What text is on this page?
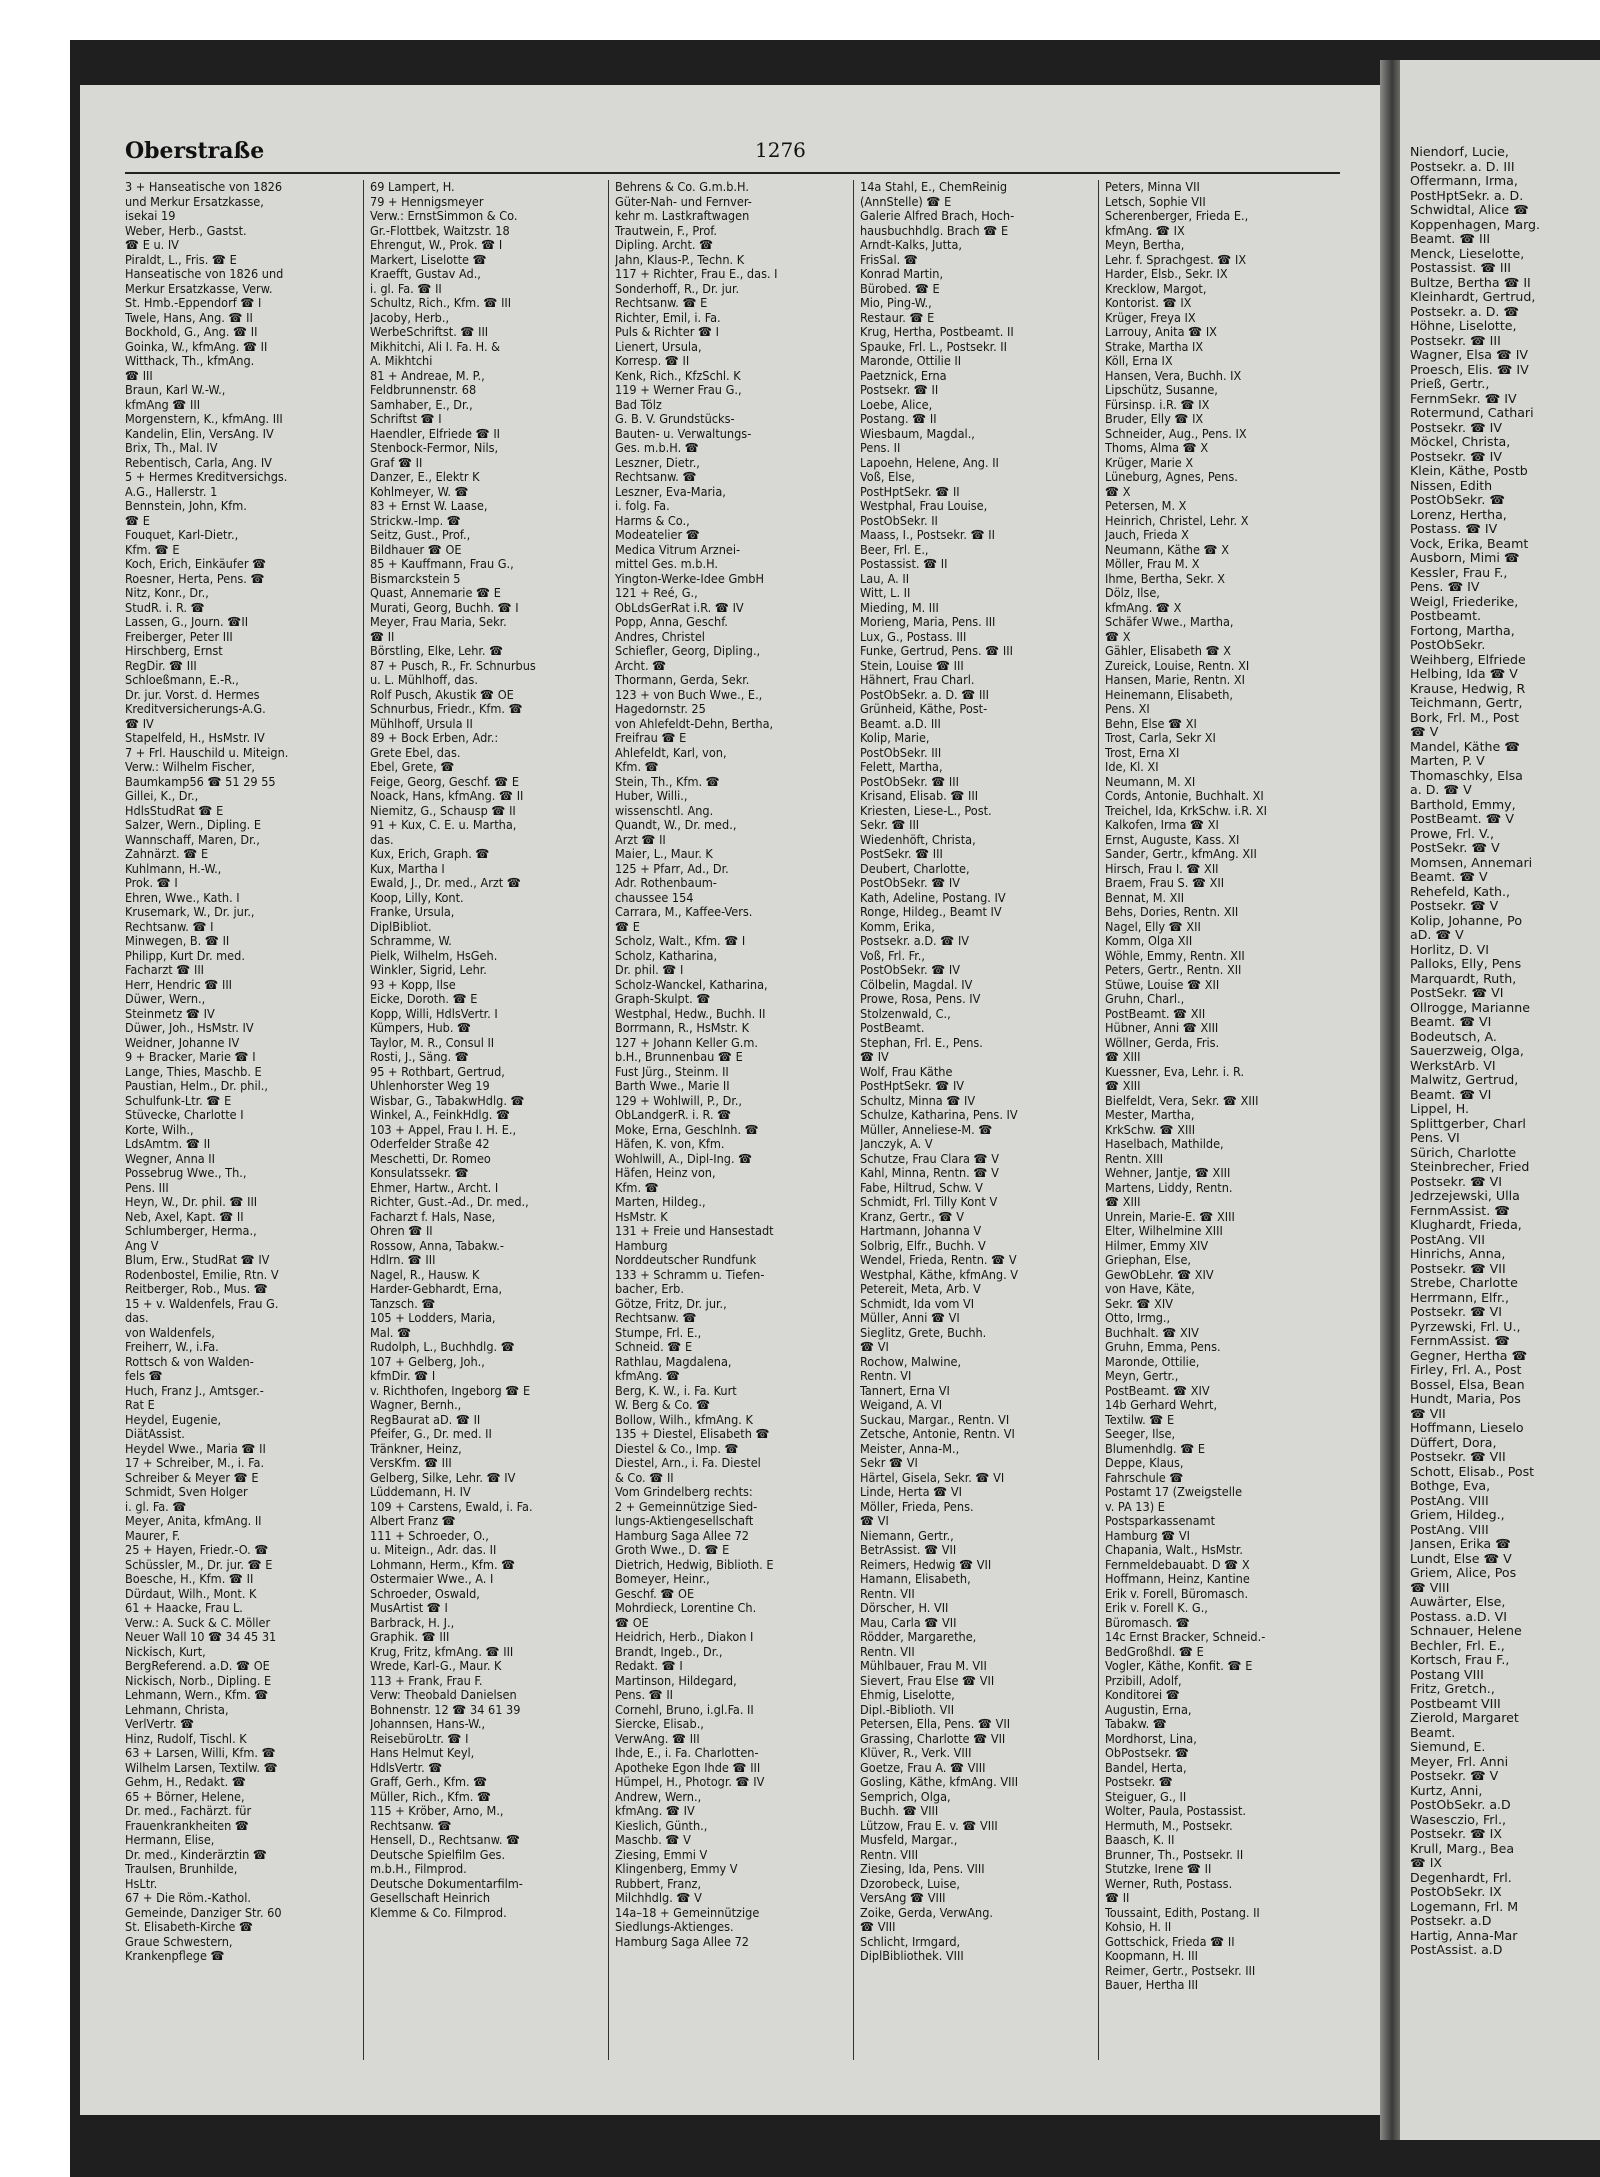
Niendorf, Lucie,
Postsekr. a. D. III
Offermann, Irma,
PostHptSekr. a. D.
Schwidtal, Alice ☎
Koppenhagen, Marg.
Beamt. ☎ III
Menck, Lieselotte,
Postassist. ☎ III
Bultze, Bertha ☎ II
Kleinhardt, Gertrud,
Postsekr. a. D. ☎
Höhne, Liselotte,
Postsekr. ☎ III
Wagner, Elsa ☎ IV
Proesch, Elis. ☎ IV
Prieß, Gertr.,
FernmSekr. ☎ IV
Rotermund, Cathari
Postsekr. ☎ IV
Möckel, Christa,
Postsekr. ☎ IV
Klein, Käthe, Postb
Nissen, Edith
PostObSekr. ☎
Lorenz, Hertha,
Postass. ☎ IV
Vock, Erika, Beamt
Ausborn, Mimi ☎
Kessler, Frau F.,
Pens. ☎ IV
Weigl, Friederike,
Postbeamt.
Fortong, Martha,
PostObSekr.
Weihberg, Elfriede
Helbing, Ida ☎ V
Krause, Hedwig, R
Teichmann, Gertr,
Bork, Frl. M., Post
☎ V
Mandel, Käthe ☎
Marten, P. V
Thomaschky, Elsa
a. D. ☎ V
Barthold, Emmy,
PostBeamt. ☎ V
Prowe, Frl. V.,
PostSekr. ☎ V
Momsen, Annemari
Beamt. ☎ V
Rehefeld, Kath.,
Postsekr. ☎ V
Kolip, Johanne, Po
aD. ☎ V
Horlitz, D. VI
Palloks, Elly, Pens
Marquardt, Ruth,
PostSekr. ☎ VI
Ollrogge, Marianne
Beamt. ☎ VI
Bodeutsch, A.
Sauerzweig, Olga,
WerkstArb. VI
Malwitz, Gertrud,
Beamt. ☎ VI
Lippel, H.
Splittgerber, Charl
Pens. VI
Sürich, Charlotte
Steinbrecher, Fried
Postsekr. ☎ VI
Jedrzejewski, Ulla
FernmAssist. ☎
Klughardt, Frieda,
PostAng. VII
Hinrichs, Anna,
Postsekr. ☎ VII
Strebe, Charlotte
Herrmann, Elfr.,
Postsekr. ☎ VI
Pyrzewski, Frl. U.,
FernmAssist. ☎
Gegner, Hertha ☎
Firley, Frl. A., Post
Bossel, Elsa, Bean
Hundt, Maria, Pos
☎ VII
Hoffmann, Lieselo
Düffert, Dora,
Postsekr. ☎ VII
Schott, Elisab., Post
Bothge, Eva,
PostAng. VIII
Griem, Hildeg.,
PostAng. VIII
Jansen, Erika ☎
Lundt, Else ☎ V
Griem, Alice, Pos
☎ VIII
Auwärter, Else,
Postass. a.D. VI
Schnauer, Helene
Bechler, Frl. E.,
Kortsch, Frau F.,
Postang VIII
Fritz, Gretch.,
Postbeamt VIII
Zierold, Margaret
Beamt.
Siemund, E.
Meyer, Frl. Anni
Postsekr. ☎ V
Kurtz, Anni,
PostObSekr. a.D
Wasesczio, Frl.,
Postsekr. ☎ IX
Krull, Marg., Bea
☎ IX
Degenhardt, Frl.
PostObSekr. IX
Logemann, Frl. M
Postsekr. a.D
Hartig, Anna-Mar
PostAssist. a.D
Oberstraße	1276
3 + Hanseatische von 1826
und Merkur Ersatzkasse,
isekai 19
Weber, Herb., Gastst.
☎ E u. IV
Piraldt, L., Fris. ☎ E
Hanseatische von 1826 und
Merkur Ersatzkasse, Verw.
St. Hmb.-Eppendorf ☎ I
Twele, Hans, Ang. ☎ II
Bockhold, G., Ang. ☎ II
Goinka, W., kfmAng. ☎ II
Witthack, Th., kfmAng.
☎ III
Braun, Karl W.-W.,
kfmAng ☎ III
Morgenstern, K., kfmAng. III
Kandelin, Elin, VersAng. IV
Brix, Th., Mal. IV
Rebentisch, Carla, Ang. IV
5 + Hermes Kreditversichgs.
A.G., Hallerstr. 1
Bennstein, John, Kfm.
☎ E
Fouquet, Karl-Dietr.,
Kfm. ☎ E
Koch, Erich, Einkäufer ☎
Roesner, Herta, Pens. ☎
Nitz, Konr., Dr.,
StudR. i. R. ☎
Lassen, G., Journ. ☎II
Freiberger, Peter III
Hirschberg, Ernst
RegDir. ☎ III
Schloeßmann, E.-R.,
Dr. jur. Vorst. d. Hermes
Kreditversicherungs-A.G.
☎ IV
Stapelfeld, H., HsMstr. IV
7 + Frl. Hauschild u. Miteign.
Verw.: Wilhelm Fischer,
Baumkamp56 ☎ 51 29 55
Gillei, K., Dr.,
HdlsStudRat ☎ E
Salzer, Wern., Dipling. E
Wannschaff, Maren, Dr.,
Zahnärzt. ☎ E
Kuhlmann, H.-W.,
Prok. ☎ I
Ehren, Wwe., Kath. I
Krusemark, W., Dr. jur.,
Rechtsanw. ☎ I
Minwegen, B. ☎ II
Philipp, Kurt Dr. med.
Facharzt ☎ III
Herr, Hendric ☎ III
Düwer, Wern.,
Steinmetz ☎ IV
Düwer, Joh., HsMstr. IV
Weidner, Johanne IV
9 + Bracker, Marie ☎ I
Lange, Thies, Maschb. E
Paustian, Helm., Dr. phil.,
Schulfunk-Ltr. ☎ E
Stüvecke, Charlotte I
Korte, Wilh.,
LdsAmtm. ☎ II
Wegner, Anna II
Possebrug Wwe., Th.,
Pens. III
Heyn, W., Dr. phil. ☎ III
Neb, Axel, Kapt. ☎ II
Schlumberger, Herma.,
Ang V
Blum, Erw., StudRat ☎ IV
Rodenbostel, Emilie, Rtn. V
Reitberger, Rob., Mus. ☎
15 + v. Waldenfels, Frau G.
das.
von Waldenfels,
Freiherr, W., i.Fa.
Rottsch & von Walden-
fels ☎
Huch, Franz J., Amtsger.-
Rat E
Heydel, Eugenie,
DiätAssist.
Heydel Wwe., Maria ☎ II
17 + Schreiber, M., i. Fa.
Schreiber & Meyer ☎ E
Schmidt, Sven Holger
i. gl. Fa. ☎
Meyer, Anita, kfmAng. II
Maurer, F.
25 + Hayen, Friedr.-O. ☎
Schüssler, M., Dr. jur. ☎ E
Boesche, H., Kfm. ☎ II
Dürdaut, Wilh., Mont. K
61 + Haacke, Frau L.
Verw.: A. Suck & C. Möller
Neuer Wall 10 ☎ 34 45 31
Nickisch, Kurt,
BergReferend. a.D. ☎ OE
Nickisch, Norb., Dipling. E
Lehmann, Wern., Kfm. ☎
Lehmann, Christa,
VerlVertr. ☎
Hinz, Rudolf, Tischl. K
63 + Larsen, Willi, Kfm. ☎
Wilhelm Larsen, Textilw. ☎
Gehm, H., Redakt. ☎
65 + Börner, Helene,
Dr. med., Fachärzt. für
Frauenkrankheiten ☎
Hermann, Elise,
Dr. med., Kinderärztin ☎
Traulsen, Brunhilde,
HsLtr.
67 + Die Röm.-Kathol.
Gemeinde, Danziger Str. 60
St. Elisabeth-Kirche ☎
Graue Schwestern,
Krankenpflege ☎
69 Lampert, H.
79 + Hennigsmeyer
Verw.: ErnstSimmon & Co.
Gr.-Flottbek, Waitzstr. 18
Ehrengut, W., Prok. ☎ I
Markert, Liselotte ☎
Kraefft, Gustav Ad.,
i. gl. Fa. ☎ II
Schultz, Rich., Kfm. ☎ III
Jacoby, Herb.,
WerbeSchriftst. ☎ III
Mikhitchi, Ali I. Fa. H. &
A. Mikhtchi
81 + Andreae, M. P.,
Feldbrunnenstr. 68
Samhaber, E., Dr.,
Schriftst ☎ I
Haendler, Elfriede ☎ II
Stenbock-Fermor, Nils,
Graf ☎ II
Danzer, E., Elektr K
Kohlmeyer, W. ☎
83 + Ernst W. Laase,
Strickw.-Imp. ☎
Seitz, Gust., Prof.,
Bildhauer ☎ OE
85 + Kauffmann, Frau G.,
Bismarckstein 5
Quast, Annemarie ☎ E
Murati, Georg, Buchh. ☎ I
Meyer, Frau Maria, Sekr.
☎ II
Börstling, Elke, Lehr. ☎
87 + Pusch, R., Fr. Schnurbus
u. L. Mühlhoff, das.
Rolf Pusch, Akustik ☎ OE
Schnurbus, Friedr., Kfm. ☎
Mühlhoff, Ursula II
89 + Bock Erben, Adr.:
Grete Ebel, das.
Ebel, Grete, ☎
Feige, Georg, Geschf. ☎ E
Noack, Hans, kfmAng. ☎ II
Niemitz, G., Schausp ☎ II
91 + Kux, C. E. u. Martha,
das.
Kux, Erich, Graph. ☎
Kux, Martha I
Ewald, J., Dr. med., Arzt ☎
Koop, Lilly, Kont.
Franke, Ursula,
DiplBibliot.
Schramme, W.
Pielk, Wilhelm, HsGeh.
Winkler, Sigrid, Lehr.
93 + Kopp, Ilse
Eicke, Doroth. ☎ E
Kopp, Willi, HdlsVertr. I
Kümpers, Hub. ☎
Taylor, M. R., Consul II
Rosti, J., Säng. ☎
95 + Rothbart, Gertrud,
Uhlenhorster Weg 19
Wisbar, G., TabakwHdlg. ☎
Winkel, A., FeinkHdlg. ☎
103 + Appel, Frau I. H. E.,
Oderfelder Straße 42
Meschetti, Dr. Romeo
Konsulatssekr. ☎
Ehmer, Hartw., Archt. I
Richter, Gust.-Ad., Dr. med.,
Facharzt f. Hals, Nase,
Ohren ☎ II
Rossow, Anna, Tabakw.-
Hdlrn. ☎ III
Nagel, R., Hausw. K
Harder-Gebhardt, Erna,
Tanzsch. ☎
105 + Lodders, Maria,
Mal. ☎
Rudolph, L., Buchhdlg. ☎
107 + Gelberg, Joh.,
kfmDir. ☎ I
v. Richthofen, Ingeborg ☎ E
Wagner, Bernh.,
RegBaurat aD. ☎ II
Pfeifer, G., Dr. med. II
Tränkner, Heinz,
VersKfm. ☎ III
Gelberg, Silke, Lehr. ☎ IV
Lüddemann, H. IV
109 + Carstens, Ewald, i. Fa.
Albert Franz ☎
111 + Schroeder, O.,
u. Miteign., Adr. das. II
Lohmann, Herm., Kfm. ☎
Ostermaier Wwe., A. I
Schroeder, Oswald,
MusArtist ☎ I
Barbrack, H. J.,
Graphik. ☎ III
Krug, Fritz, kfmAng. ☎ III
Wrede, Karl-G., Maur. K
113 + Frank, Frau F.
Verw: Theobald Danielsen
Bohnenstr. 12 ☎ 34 61 39
Johannsen, Hans-W.,
ReisebüroLtr. ☎ I
Hans Helmut Keyl,
HdlsVertr. ☎
Graff, Gerh., Kfm. ☎
Müller, Rich., Kfm. ☎
115 + Kröber, Arno, M.,
Rechtsanw. ☎
Hensell, D., Rechtsanw. ☎
Deutsche Spielfilm Ges.
m.b.H., Filmprod.
Deutsche Dokumentarfilm-
Gesellschaft Heinrich
Klemme & Co. Filmprod.
Behrens & Co. G.m.b.H.
Güter-Nah- und Fernver-
kehr m. Lastkraftwagen
Trautwein, F., Prof.
Dipling. Archt. ☎
Jahn, Klaus-P., Techn. K
117 + Richter, Frau E., das. I
Sonderhoff, R., Dr. jur.
Rechtsanw. ☎ E
Richter, Emil, i. Fa.
Puls & Richter ☎ I
Lienert, Ursula,
Korresp. ☎ II
Kenk, Rich., KfzSchl. K
119 + Werner Frau G.,
Bad Tölz
G. B. V. Grundstücks-
Bauten- u. Verwaltungs-
Ges. m.b.H. ☎
Leszner, Dietr.,
Rechtsanw. ☎
Leszner, Eva-Maria,
i. folg. Fa.
Harms & Co.,
Modeatelier ☎
Medica Vitrum Arznei-
mittel Ges. m.b.H.
Yington-Werke-Idee GmbH
121 + Reé, G.,
ObLdsGerRat i.R. ☎ IV
Popp, Anna, Geschf.
Andres, Christel
Schiefler, Georg, Dipling.,
Archt. ☎
Thormann, Gerda, Sekr.
123 + von Buch Wwe., E.,
Hagedornstr. 25
von Ahlefeldt-Dehn, Bertha,
Freifrau ☎ E
Ahlefeldt, Karl, von,
Kfm. ☎
Stein, Th., Kfm. ☎
Huber, Willi.,
wissenschtl. Ang.
Quandt, W., Dr. med.,
Arzt ☎ II
Maier, L., Maur. K
125 + Pfarr, Ad., Dr.
Adr. Rothenbaum-
chaussee 154
Carrara, M., Kaffee-Vers.
☎ E
Scholz, Walt., Kfm. ☎ I
Scholz, Katharina,
Dr. phil. ☎ I
Scholz-Wanckel, Katharina,
Graph-Skulpt. ☎
Westphal, Hedw., Buchh. II
Borrmann, R., HsMstr. K
127 + Johann Keller G.m.
b.H., Brunnenbau ☎ E
Fust Jürg., Steinm. II
Barth Wwe., Marie II
129 + Wohlwill, P., Dr.,
ObLandgerR. i. R. ☎
Moke, Erna, Geschlnh. ☎
Häfen, K. von, Kfm.
Wohlwill, A., Dipl-Ing. ☎
Häfen, Heinz von,
Kfm. ☎
Marten, Hildeg.,
HsMstr. K
131 + Freie und Hansestadt
Hamburg
Norddeutscher Rundfunk
133 + Schramm u. Tiefen-
bacher, Erb.
Götze, Fritz, Dr. jur.,
Rechtsanw. ☎
Stumpe, Frl. E.,
Schneid. ☎ E
Rathlau, Magdalena,
kfmAng. ☎
Berg, K. W., i. Fa. Kurt
W. Berg & Co. ☎
Bollow, Wilh., kfmAng. K
135 + Diestel, Elisabeth ☎
Diestel & Co., Imp. ☎
Diestel, Arn., i. Fa. Diestel
& Co. ☎ II
Vom Grindelberg rechts:
2 + Gemeinnützige Sied-
lungs-Aktiengesellschaft
Hamburg Saga Allee 72
Groth Wwe., D. ☎ E
Dietrich, Hedwig, Biblioth. E
Bomeyer, Heinr.,
Geschf. ☎ OE
Mohrdieck, Lorentine Ch.
☎ OE
Heidrich, Herb., Diakon I
Brandt, Ingeb., Dr.,
Redakt. ☎ I
Martinson, Hildegard,
Pens. ☎ II
Cornehl, Bruno, i.gl.Fa. II
Siercke, Elisab.,
VerwAng. ☎ III
Ihde, E., i. Fa. Charlotten-
Apotheke Egon Ihde ☎ III
Hümpel, H., Photogr. ☎ IV
Andrew, Wern.,
kfmAng. ☎ IV
Kieslich, Günth.,
Maschb. ☎ V
Ziesing, Emmi V
Klingenberg, Emmy V
Rubbert, Franz,
Milchhdlg. ☎ V
14a–18 + Gemeinnützige
Siedlungs-Aktienges.
Hamburg Saga Allee 72
14a Stahl, E., ChemReinig
(AnnStelle) ☎ E
Galerie Alfred Brach, Hoch-
hausbuchhdlg. Brach ☎ E
Arndt-Kalks, Jutta,
FrisSal. ☎
Konrad Martin,
Bürobed. ☎ E
Mio, Ping-W.,
Restaur. ☎ E
Krug, Hertha, Postbeamt. II
Spauke, Frl. L., Postsekr. II
Maronde, Ottilie II
Paetznick, Erna
Postsekr. ☎ II
Loebe, Alice,
Postang. ☎ II
Wiesbaum, Magdal.,
Pens. II
Lapoehn, Helene, Ang. II
Voß, Else,
PostHptSekr. ☎ II
Westphal, Frau Louise,
PostObSekr. II
Maass, I., Postsekr. ☎ II
Beer, Frl. E.,
Postassist. ☎ II
Lau, A. II
Witt, L. II
Mieding, M. III
Morieng, Maria, Pens. III
Lux, G., Postass. III
Funke, Gertrud, Pens. ☎ III
Stein, Louise ☎ III
Hähnert, Frau Charl.
PostObSekr. a. D. ☎ III
Grünheid, Käthe, Post-
Beamt. a.D. III
Kolip, Marie,
PostObSekr. III
Felett, Martha,
PostObSekr. ☎ III
Krisand, Elisab. ☎ III
Kriesten, Liese-L., Post.
Sekr. ☎ III
Wiedenhöft, Christa,
PostSekr. ☎ III
Deubert, Charlotte,
PostObSekr. ☎ IV
Kath, Adeline, Postang. IV
Ronge, Hildeg., Beamt IV
Komm, Erika,
Postsekr. a.D. ☎ IV
Voß, Frl. Fr.,
PostObSekr. ☎ IV
Cölbelin, Magdal. IV
Prowe, Rosa, Pens. IV
Stolzenwald, C.,
PostBeamt.
Stephan, Frl. E., Pens.
☎ IV
Wolf, Frau Käthe
PostHptSekr. ☎ IV
Schultz, Minna ☎ IV
Schulze, Katharina, Pens. IV
Müller, Anneliese-M. ☎
Janczyk, A. V
Schutze, Frau Clara ☎ V
Kahl, Minna, Rentn. ☎ V
Fabe, Hiltrud, Schw. V
Schmidt, Frl. Tilly Kont V
Kranz, Gertr., ☎ V
Hartmann, Johanna V
Solbrig, Elfr., Buchh. V
Wendel, Frieda, Rentn. ☎ V
Westphal, Käthe, kfmAng. V
Petereit, Meta, Arb. V
Schmidt, Ida vom VI
Müller, Anni ☎ VI
Sieglitz, Grete, Buchh.
☎ VI
Rochow, Malwine,
Rentn. VI
Tannert, Erna VI
Weigand, A. VI
Suckau, Margar., Rentn. VI
Zetsche, Antonie, Rentn. VI
Meister, Anna-M.,
Sekr ☎ VI
Härtel, Gisela, Sekr. ☎ VI
Linde, Herta ☎ VI
Möller, Frieda, Pens.
☎ VI
Niemann, Gertr.,
BetrAssist. ☎ VII
Reimers, Hedwig ☎ VII
Hamann, Elisabeth,
Rentn. VII
Dörscher, H. VII
Mau, Carla ☎ VII
Rödder, Margarethe,
Rentn. VII
Mühlbauer, Frau M. VII
Sievert, Frau Else ☎ VII
Ehmig, Liselotte,
Dipl.-Biblioth. VII
Petersen, Ella, Pens. ☎ VII
Grassing, Charlotte ☎ VII
Klüver, R., Verk. VIII
Goetze, Frau A. ☎ VIII
Gosling, Käthe, kfmAng. VIII
Semprich, Olga,
Buchh. ☎ VIII
Lützow, Frau E. v. ☎ VIII
Musfeld, Margar.,
Rentn. VIII
Ziesing, Ida, Pens. VIII
Dzorobeck, Luise,
VersAng ☎ VIII
Zoike, Gerda, VerwAng.
☎ VIII
Schlicht, Irmgard,
DiplBibliothek. VIII
Peters, Minna VII
Letsch, Sophie VII
Scherenberger, Frieda E.,
kfmAng. ☎ IX
Meyn, Bertha,
Lehr. f. Sprachgest. ☎ IX
Harder, Elsb., Sekr. IX
Krecklow, Margot,
Kontorist. ☎ IX
Krüger, Freya IX
Larrouy, Anita ☎ IX
Strake, Martha IX
Köll, Erna IX
Hansen, Vera, Buchh. IX
Lipschütz, Susanne,
Fürsinsp. i.R. ☎ IX
Bruder, Elly ☎ IX
Schneider, Aug., Pens. IX
Thoms, Alma ☎ X
Krüger, Marie X
Lüneburg, Agnes, Pens.
☎ X
Petersen, M. X
Heinrich, Christel, Lehr. X
Jauch, Frieda X
Neumann, Käthe ☎ X
Möller, Frau M. X
Ihme, Bertha, Sekr. X
Dölz, Ilse,
kfmAng. ☎ X
Schäfer Wwe., Martha,
☎ X
Gähler, Elisabeth ☎ X
Zureick, Louise, Rentn. XI
Hansen, Marie, Rentn. XI
Heinemann, Elisabeth,
Pens. XI
Behn, Else ☎ XI
Trost, Carla, Sekr XI
Trost, Erna XI
Ide, Kl. XI
Neumann, M. XI
Cords, Antonie, Buchhalt. XI
Treichel, Ida, KrkSchw. i.R. XI
Kalkofen, Irma ☎ XI
Ernst, Auguste, Kass. XI
Sander, Gertr., kfmAng. XII
Hirsch, Frau I. ☎ XII
Braem, Frau S. ☎ XII
Bennat, M. XII
Behs, Dories, Rentn. XII
Nagel, Elly ☎ XII
Komm, Olga XII
Wöhle, Emmy, Rentn. XII
Peters, Gertr., Rentn. XII
Stüwe, Louise ☎ XII
Gruhn, Charl.,
PostBeamt. ☎ XII
Hübner, Anni ☎ XIII
Wöllner, Gerda, Fris.
☎ XIII
Kuessner, Eva, Lehr. i. R.
☎ XIII
Bielfeldt, Vera, Sekr. ☎ XIII
Mester, Martha,
KrkSchw. ☎ XIII
Haselbach, Mathilde,
Rentn. XIII
Wehner, Jantje, ☎ XIII
Martens, Liddy, Rentn.
☎ XIII
Unrein, Marie-E. ☎ XIII
Elter, Wilhelmine XIII
Hilmer, Emmy XIV
Griephan, Else,
GewObLehr. ☎ XIV
von Have, Käte,
Sekr. ☎ XIV
Otto, Irmg.,
Buchhalt. ☎ XIV
Gruhn, Emma, Pens.
Maronde, Ottilie,
Meyn, Gertr.,
PostBeamt. ☎ XIV
14b Gerhard Wehrt,
Textilw. ☎ E
Seeger, Ilse,
Blumenhdlg. ☎ E
Deppe, Klaus,
Fahrschule ☎
Postamt 17 (Zweigstelle
v. PA 13) E
Postsparkassenamt
Hamburg ☎ VI
Chapania, Walt., HsMstr.
Fernmeldebauabt. D ☎ X
Hoffmann, Heinz, Kantine
Erik v. Forell, Büromasch.
Erik v. Forell K. G.,
Büromasch. ☎
14c Ernst Bracker, Schneid.-
BedGroßhdl. ☎ E
Vogler, Käthe, Konfit. ☎ E
Przibill, Adolf,
Konditorei ☎
Augustin, Erna,
Tabakw. ☎
Mordhorst, Lina,
ObPostsekr. ☎
Bandel, Herta,
Postsekr. ☎
Steiguer, G., II
Wolter, Paula, Postassist.
Hermuth, M., Postsekr.
Baasch, K. II
Brunner, Th., Postsekr. II
Stutzke, Irene ☎ II
Werner, Ruth, Postass.
☎ II
Toussaint, Edith, Postang. II
Kohsio, H. II
Gottschick, Frieda ☎ II
Koopmann, H. III
Reimer, Gertr., Postsekr. III
Bauer, Hertha III
